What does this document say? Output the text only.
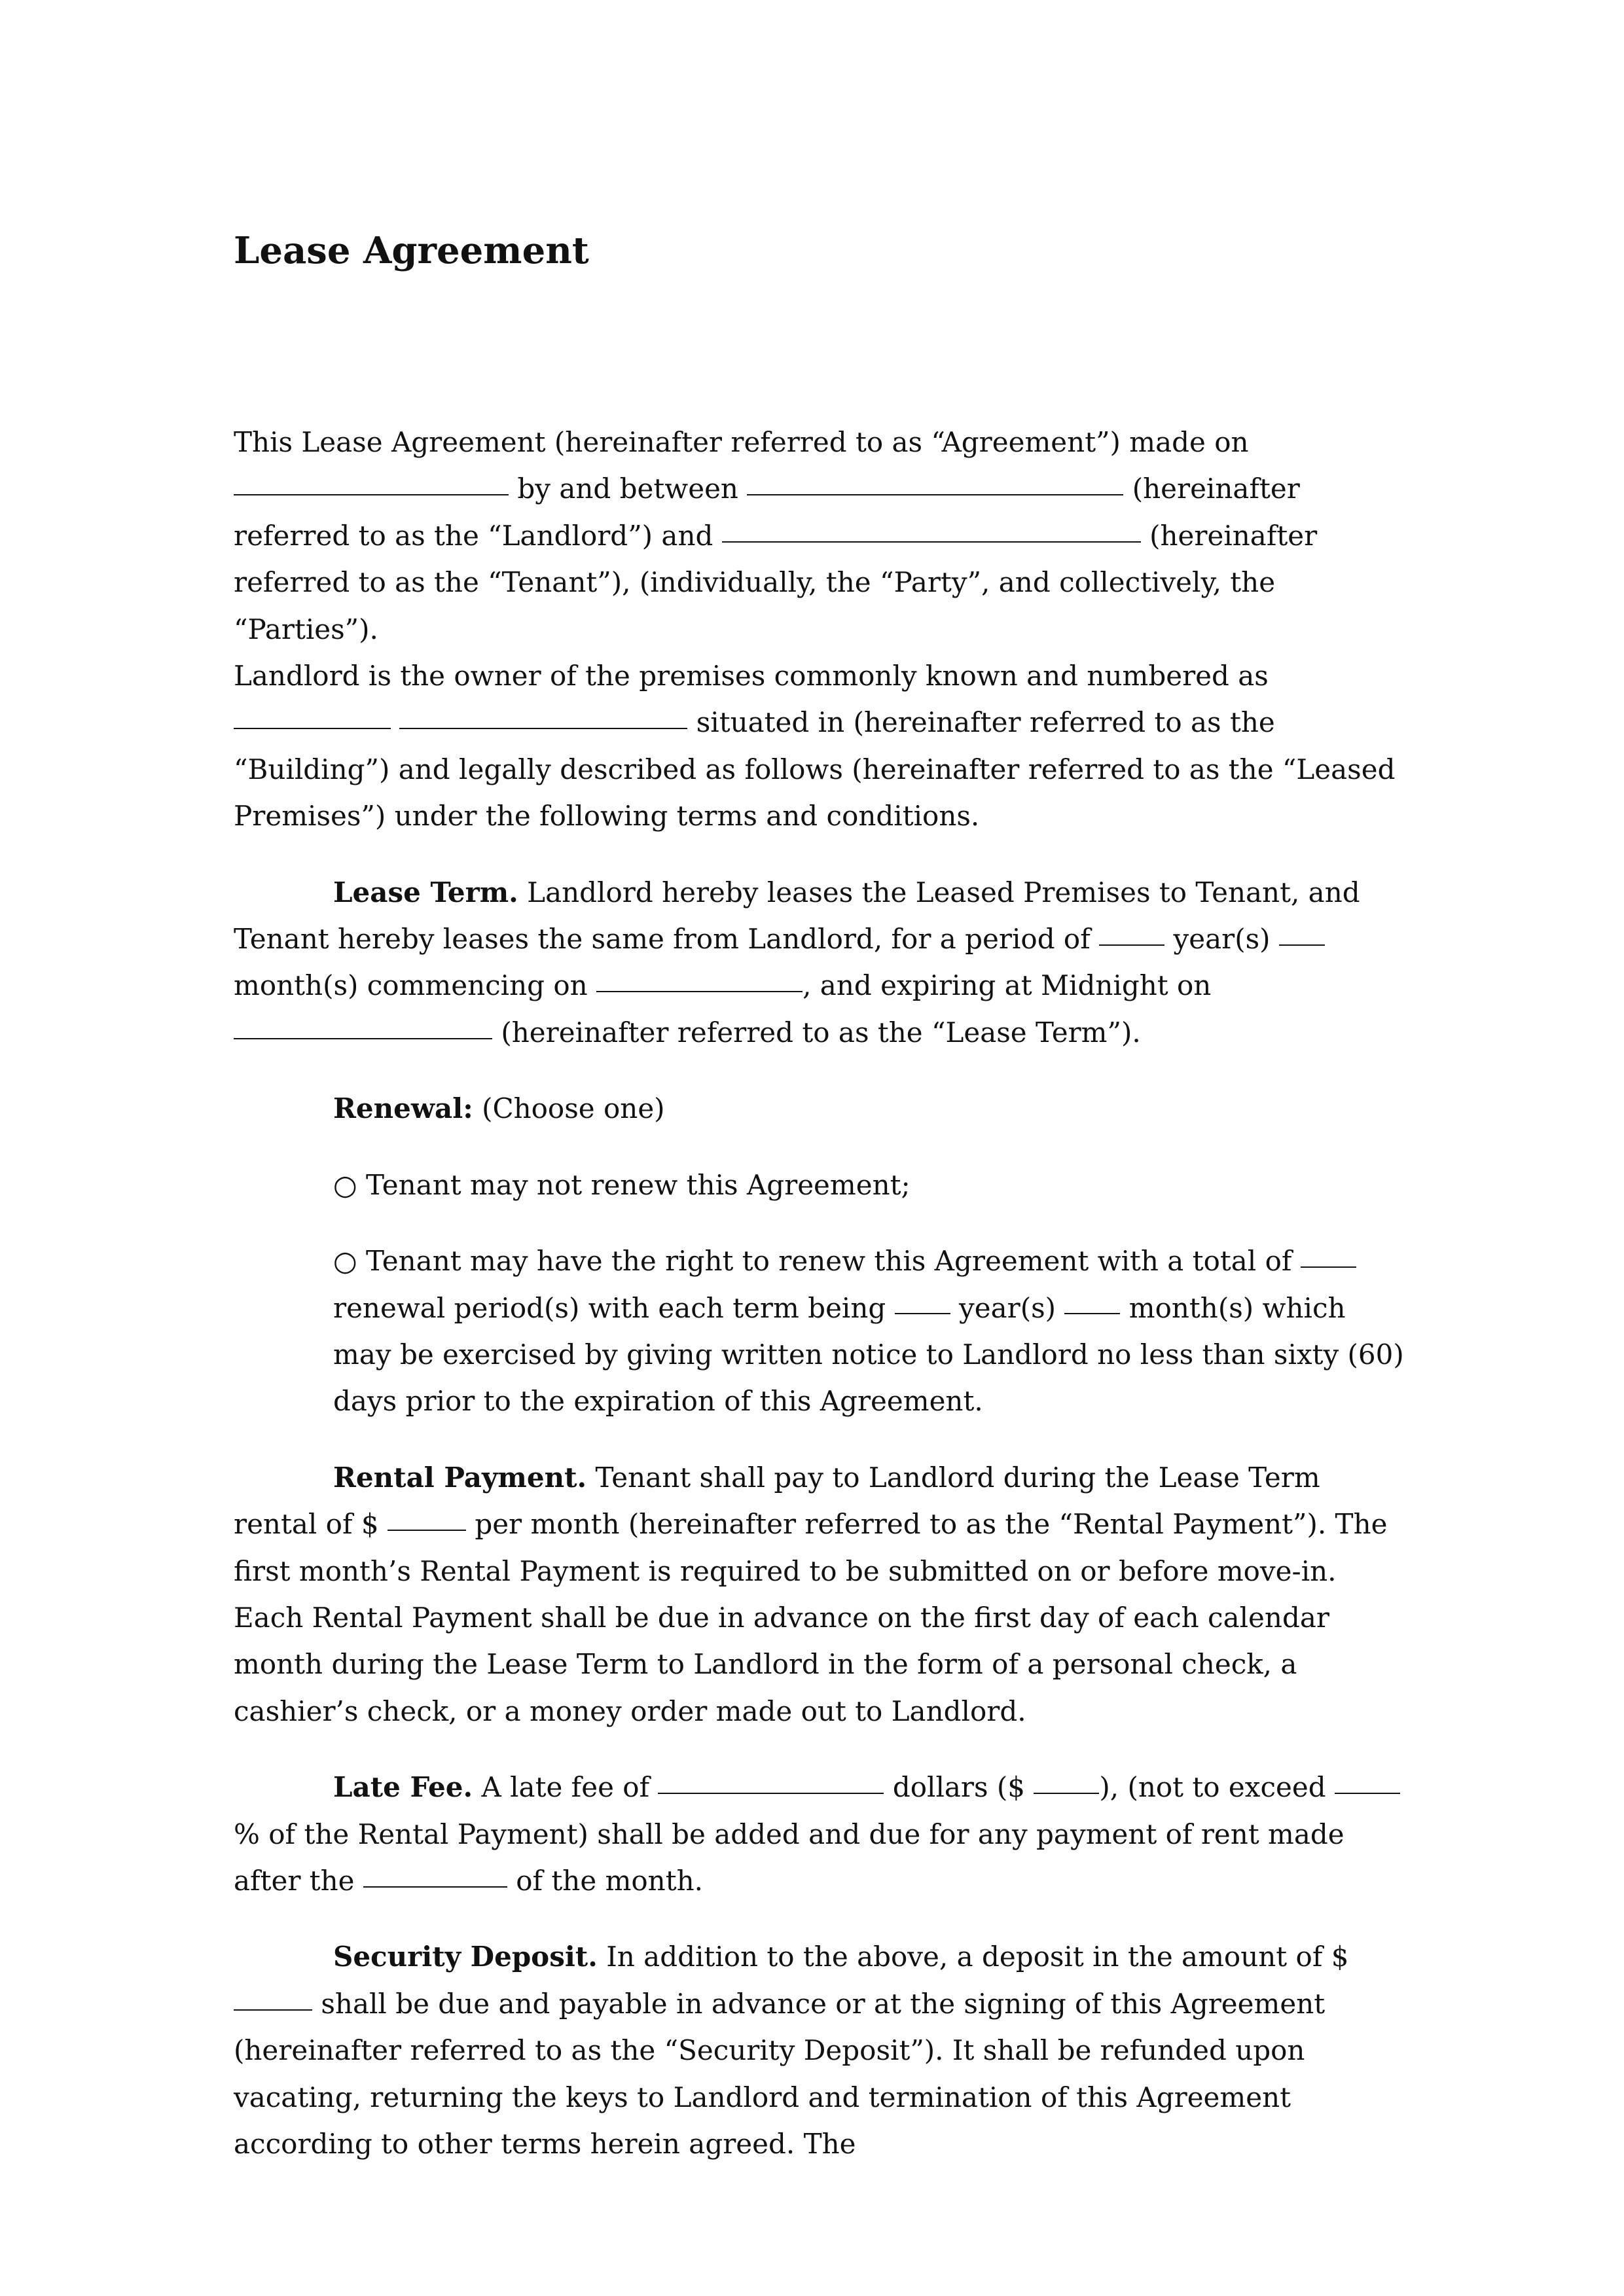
Lease Agreement

This Lease Agreement (hereinafter referred to as “Agreement”) made on  by and between	(hereinafter referred to as the “Landlord”) and	(hereinafter referred to as the “Tenant”), (individually, the “Party”, and collectively, the “Parties”).

Landlord is the owner of the premises commonly known and numbered as   situated in (hereinafter referred to as the “Building”) and legally described as follows (hereinafter referred to as the “Leased Premises”) under the following terms and conditions.

Lease Term. Landlord hereby leases the Leased Premises to Tenant, and Tenant hereby leases the same from Landlord, for a period of	year(s)  month(s) commencing on	, and expiring at Midnight on  (hereinafter referred to as the “Lease Term”).

Renewal: (Choose one)

○ Tenant may not renew this Agreement;

○ Tenant may have the right to renew this Agreement with a total of  renewal period(s) with each term being	year(s)	month(s) which may be exercised by giving written notice to Landlord no less than sixty (60) days prior to the expiration of this Agreement.

Rental Payment. Tenant shall pay to Landlord during the Lease Term rental of $	per month (hereinafter referred to as the “Rental Payment”). The first month’s Rental Payment is required to be submitted on or before move-in. Each Rental Payment shall be due in advance on the first day of each calendar month during the Lease Term to Landlord in the form of a personal check, a cashier’s check, or a money order made out to Landlord.

Late Fee. A late fee of	dollars ($	), (not to exceed % of the Rental Payment) shall be added and due for any payment of rent made after the	of the month.

Security Deposit. In addition to the above, a deposit in the amount of $ shall be due and payable in advance or at the signing of this Agreement (hereinafter referred to as the “Security Deposit”). It shall be refunded upon vacating, returning the keys to Landlord and termination of this Agreement according to other terms herein agreed. The
